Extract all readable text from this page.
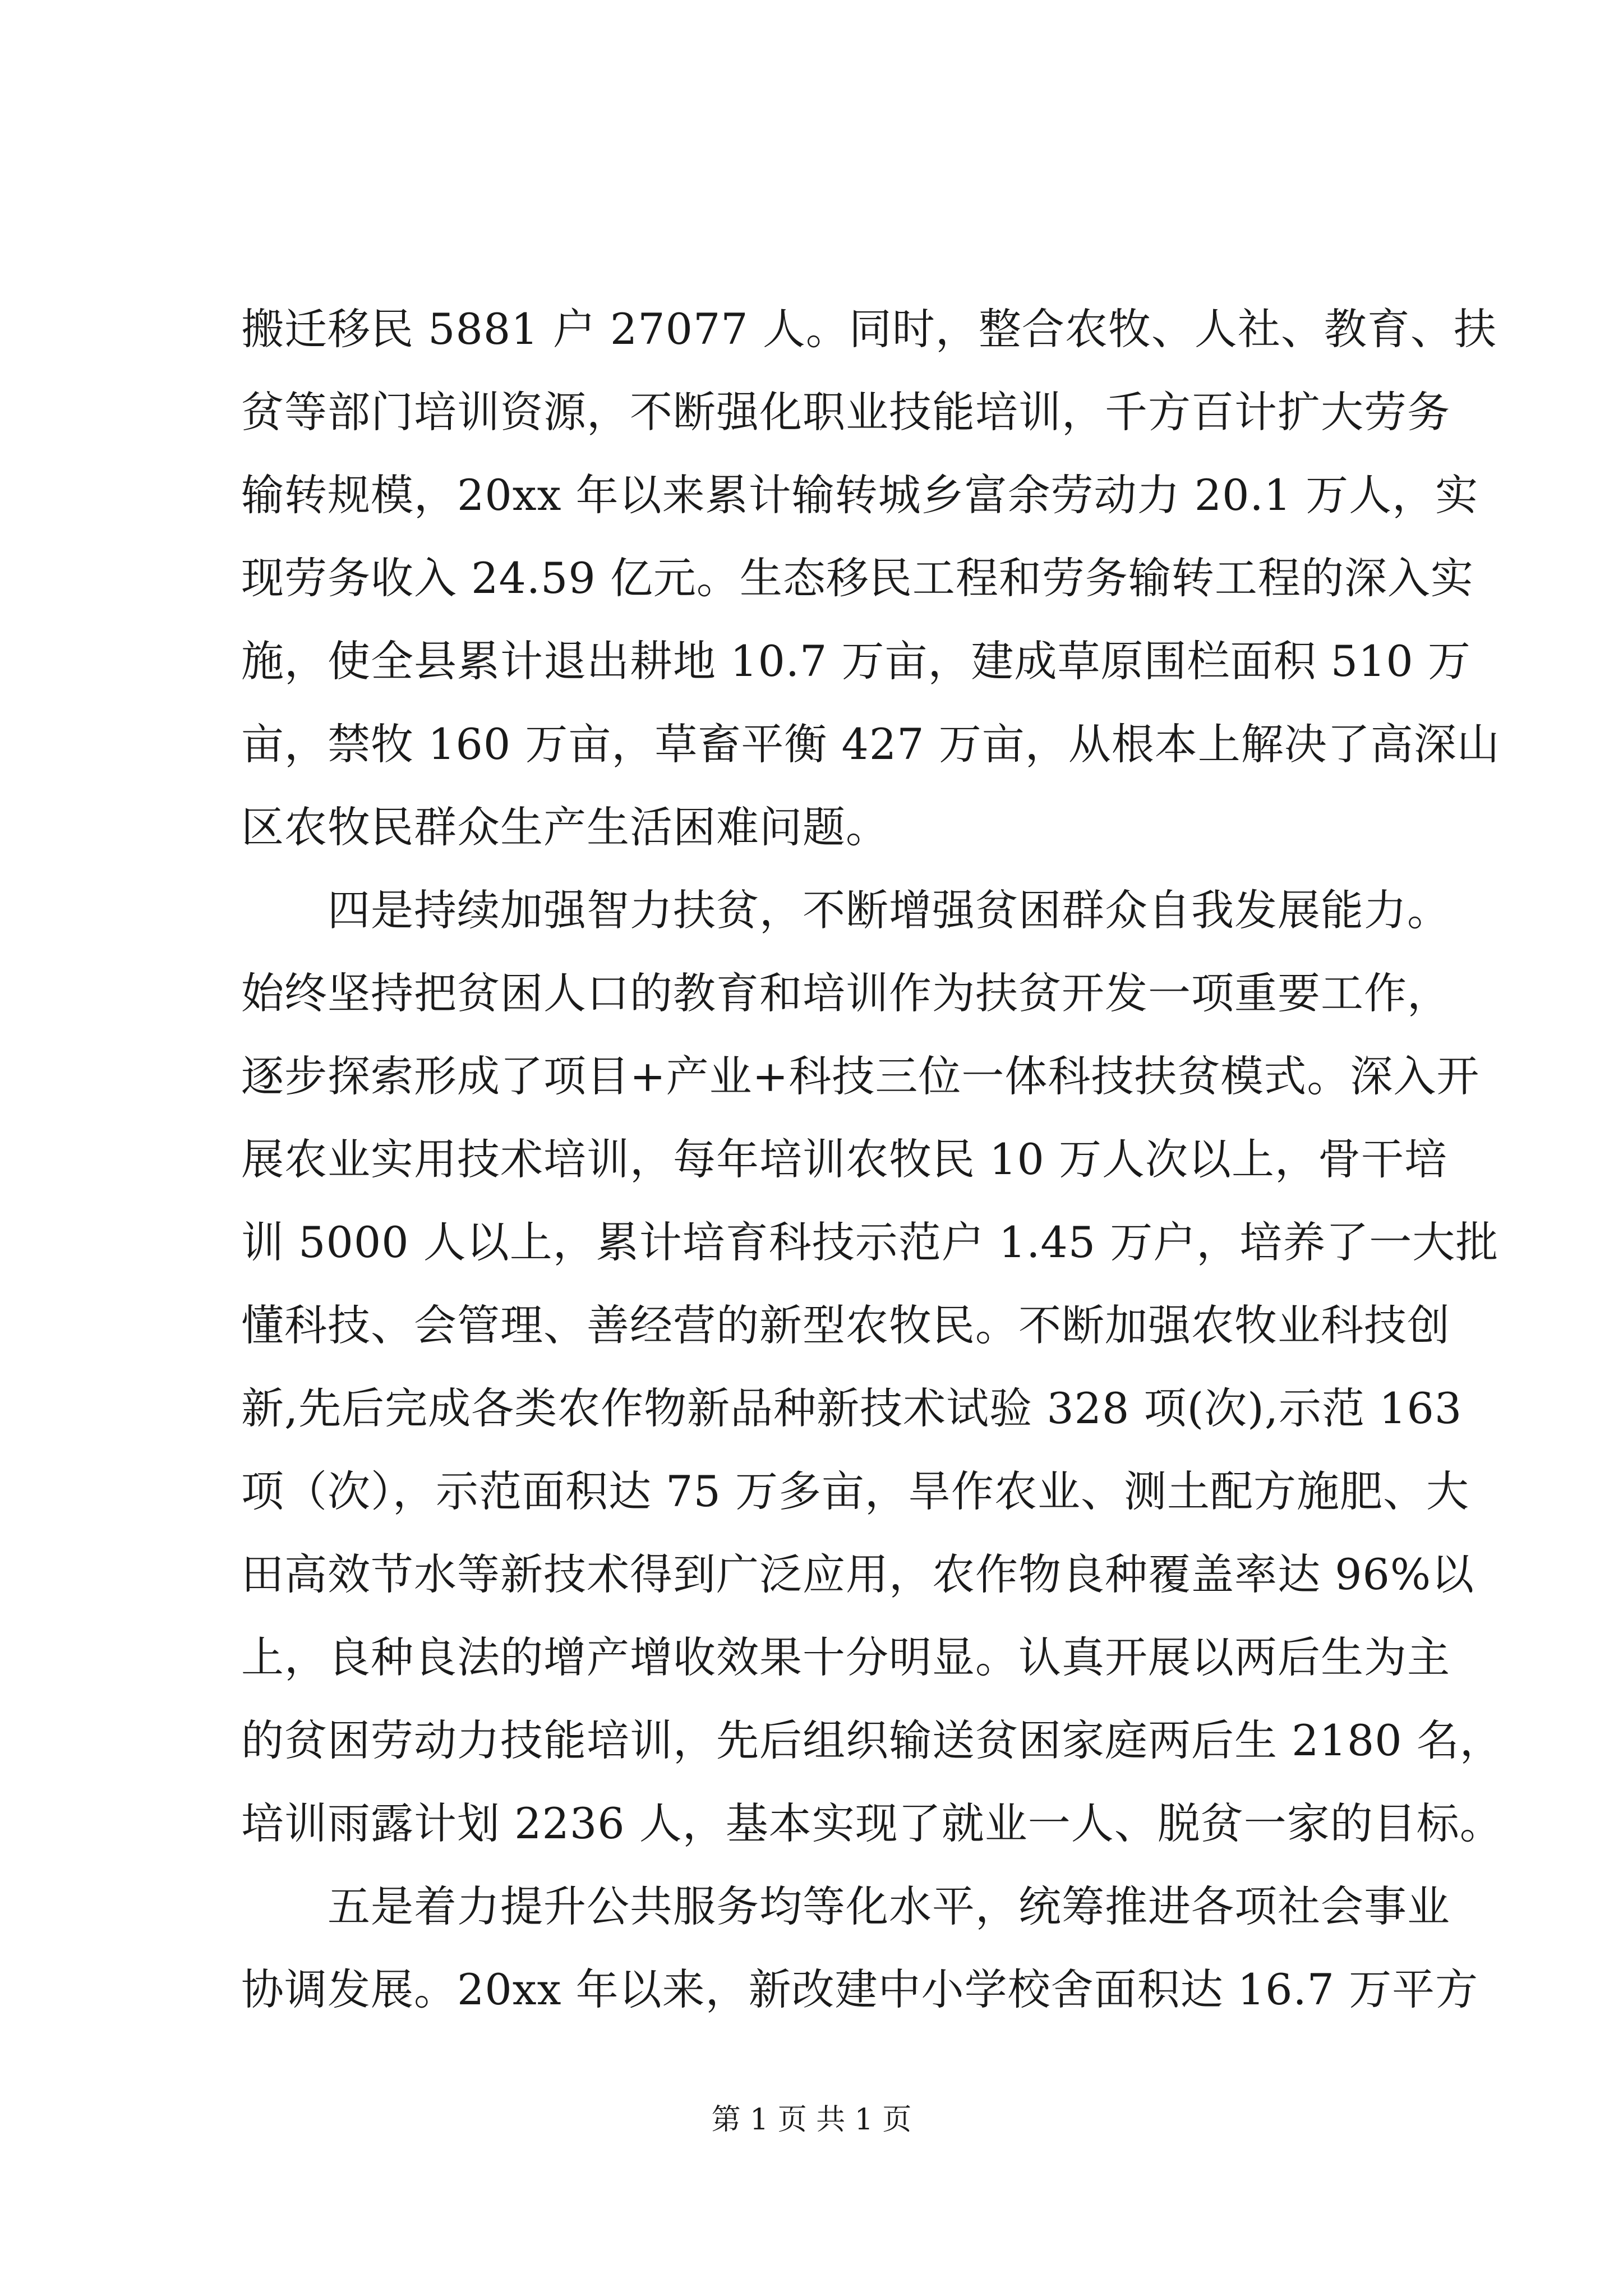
搬迁移民 5881 户 27077 人。同时，整合农牧、人社、教育、扶
贫等部门培训资源，不断强化职业技能培训，千方百计扩大劳务
输转规模，20xx 年以来累计输转城乡富余劳动力 20.1 万人，实
现劳务收入 24.59 亿元。生态移民工程和劳务输转工程的深入实
施，使全县累计退出耕地 10.7 万亩，建成草原围栏面积 510 万
亩，禁牧 160 万亩，草畜平衡 427 万亩，从根本上解决了高深山
区农牧民群众生产生活困难问题。
　　四是持续加强智力扶贫，不断增强贫困群众自我发展能力。
始终坚持把贫困人口的教育和培训作为扶贫开发一项重要工作，
逐步探索形成了项目+产业+科技三位一体科技扶贫模式。深入开
展农业实用技术培训，每年培训农牧民 10 万人次以上，骨干培
训 5000 人以上，累计培育科技示范户 1.45 万户，培养了一大批
懂科技、会管理、善经营的新型农牧民。不断加强农牧业科技创
新,先后完成各类农作物新品种新技术试验 328 项(次),示范 163
项（次），示范面积达 75 万多亩，旱作农业、测土配方施肥、大
田高效节水等新技术得到广泛应用，农作物良种覆盖率达 96%以
上，良种良法的增产增收效果十分明显。认真开展以两后生为主
的贫困劳动力技能培训，先后组织输送贫困家庭两后生 2180 名，
培训雨露计划 2236 人，基本实现了就业一人、脱贫一家的目标。
　　五是着力提升公共服务均等化水平，统筹推进各项社会事业
协调发展。20xx 年以来，新改建中小学校舍面积达 16.7 万平方
第 1 页 共 1 页
